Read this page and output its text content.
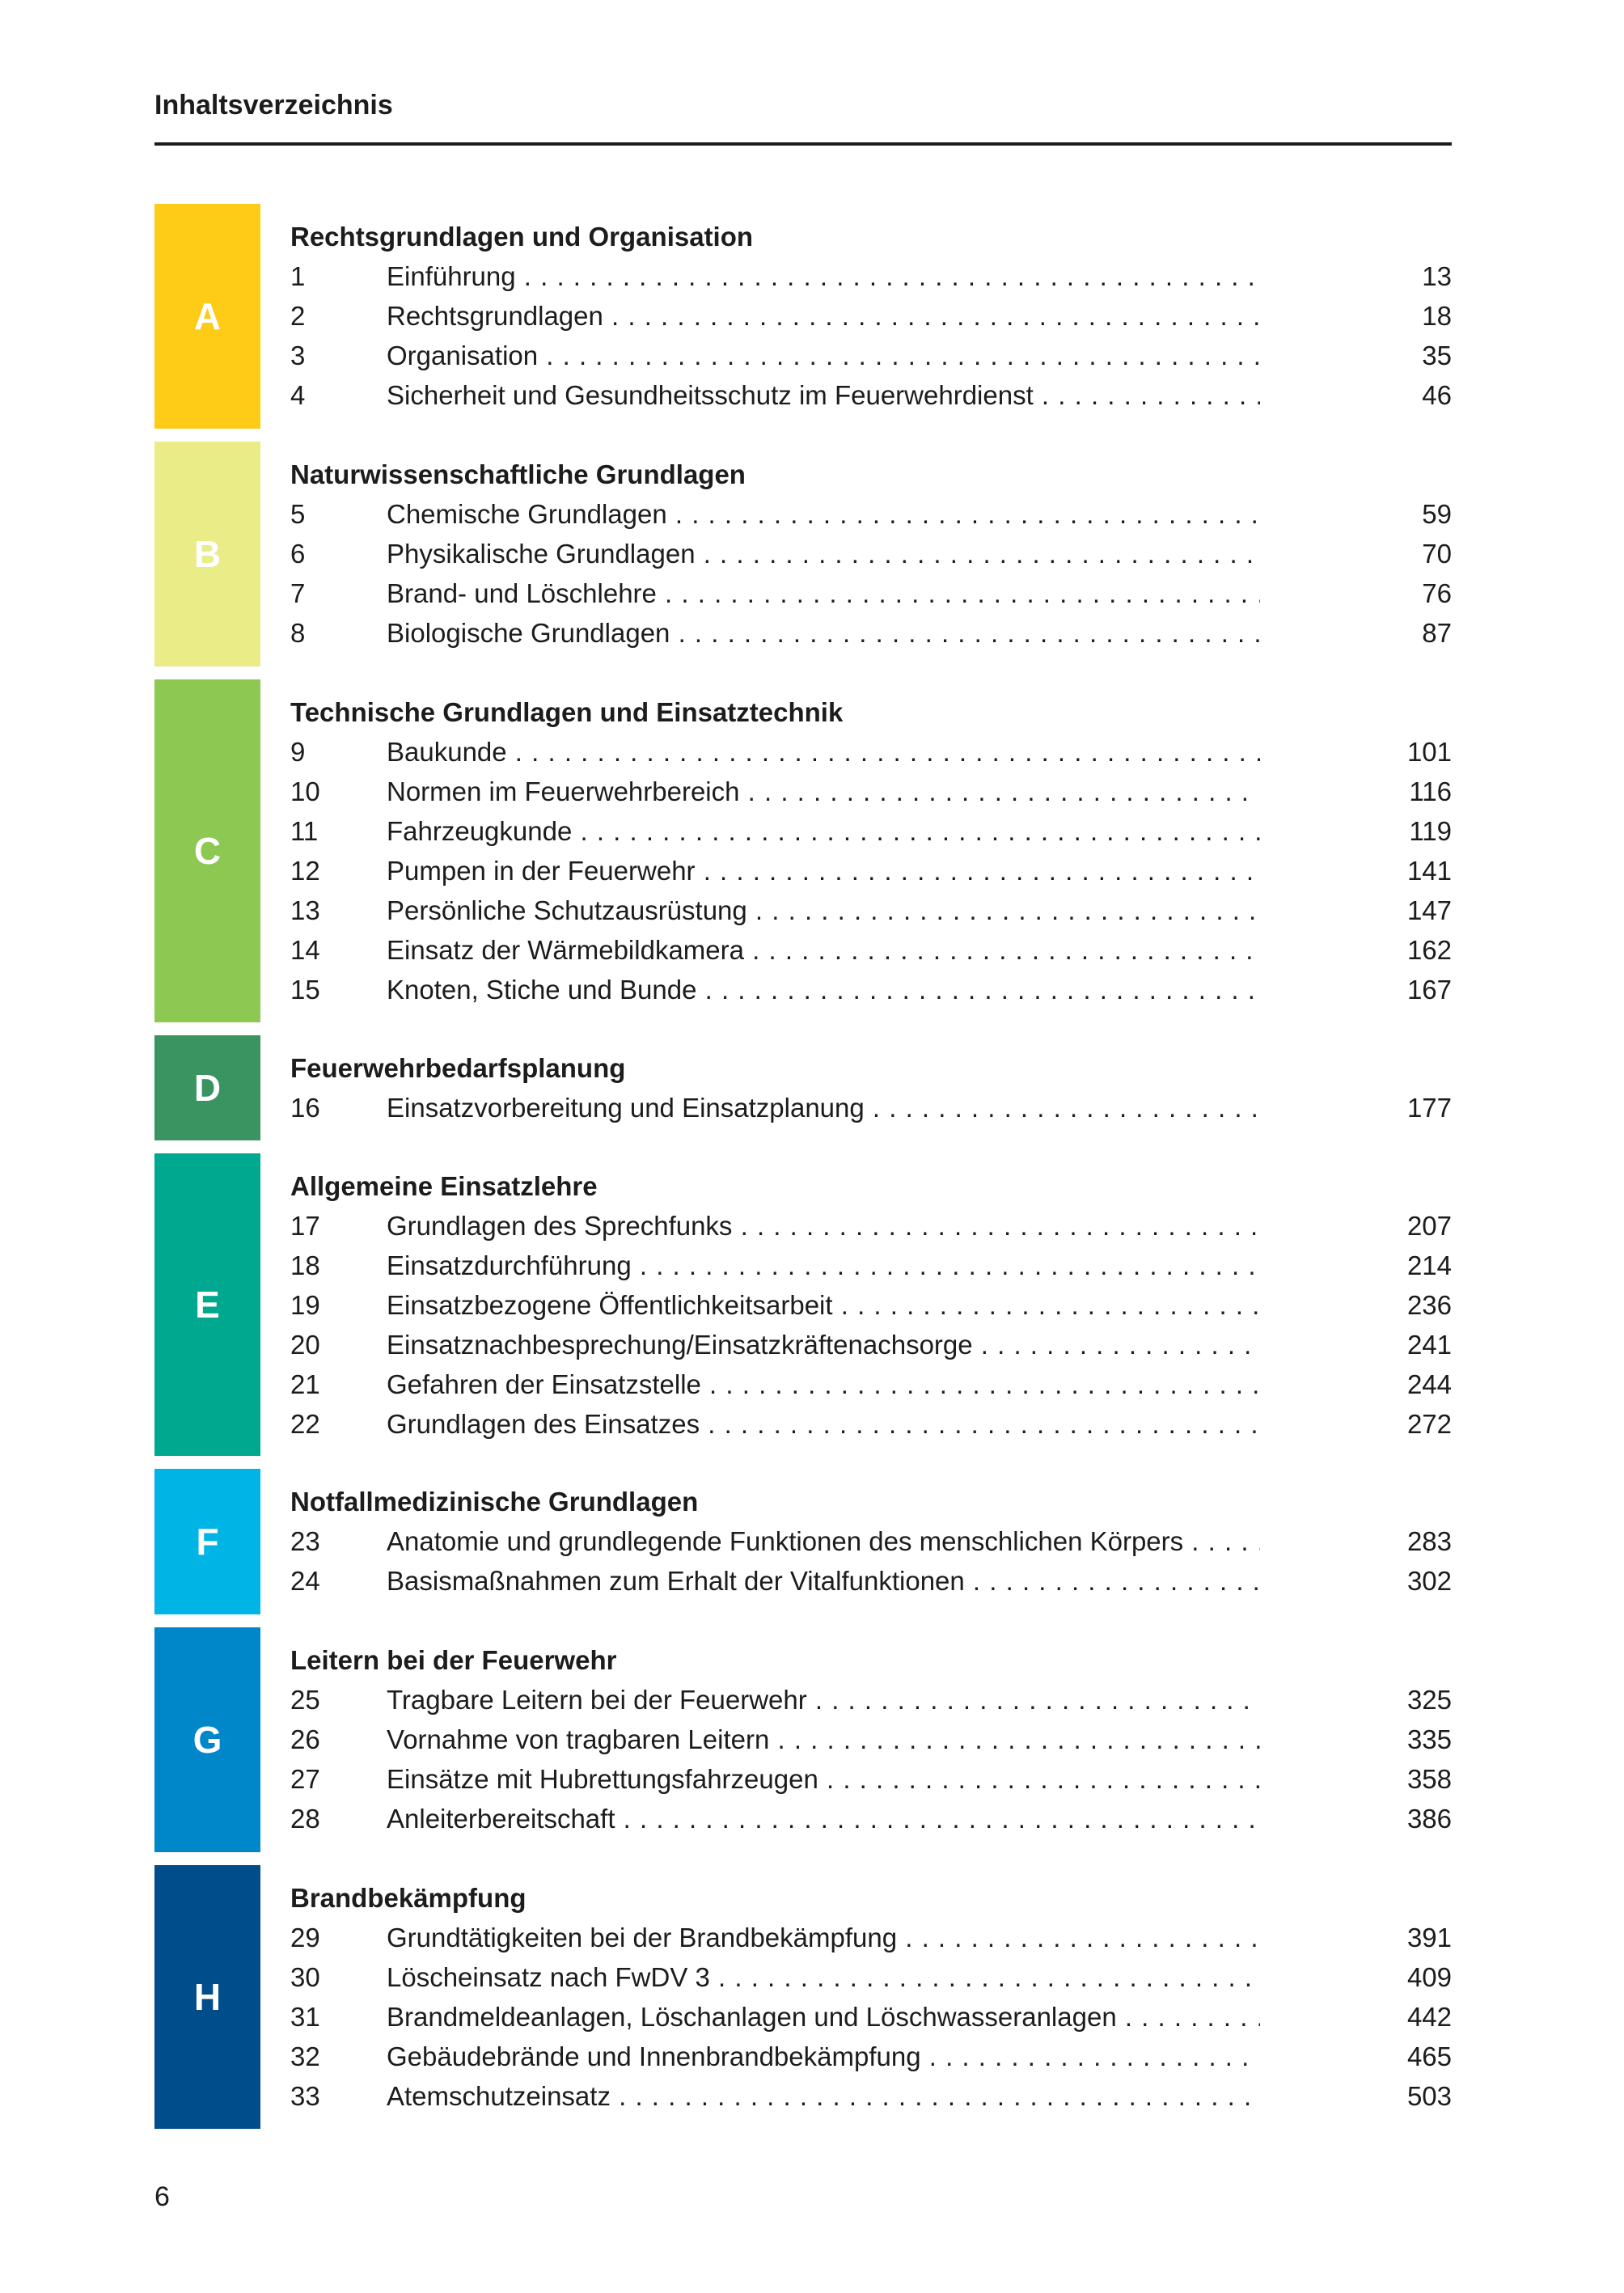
Inhaltsverzeichnis
A
Rechtsgrundlagen und Organisation
1	Einführung . . .	13
2	Rechtsgrundlagen . . .	18
3	Organisation . . .	35
4	Sicherheit und Gesundheitsschutz im Feuerwehrdienst . . .	46
B
Naturwissenschaftliche Grundlagen
5	Chemische Grundlagen . . .	59
6	Physikalische Grundlagen . . .	70
7	Brand- und Löschlehre . . .	76
8	Biologische Grundlagen . . .	87
C
Technische Grundlagen und Einsatztechnik
9	Baukunde . . .	101
10 Normen im Feuerwehrbereich . . .	116
11	Fahrzeugkunde . . .	119
12 Pumpen in der Feuerwehr . . .	141
13 Persönliche Schutzausrüstung . . .	147
14 Einsatz der Wärmebildkamera . . .	162
15 Knoten, Stiche und Bunde . . .	167
D	Feuerwehrbedarfsplanung
16 Einsatzvorbereitung und Einsatzplanung . . .	177
E
Allgemeine Einsatzlehre
17 Grundlagen des Sprechfunks . . .	207
18 Einsatzdurchführung . . .	214
19 Einsatzbezogene Öffentlichkeitsarbeit . . .	236
20 Einsatznachbesprechung/Einsatzkräftenachsorge . . .	241
21 Gefahren der Einsatzstelle . . .	244
22 Grundlagen des Einsatzes . . .	272
F
Notfallmedizinische Grundlagen
23 Anatomie und grundlegende Funktionen des menschlichen Körpers . . .	283
24 Basismaßnahmen zum Erhalt der Vitalfunktionen . . .	302
G
Leitern bei der Feuerwehr
25 Tragbare Leitern bei der Feuerwehr . . .	325
26 Vornahme von tragbaren Leitern . . .	335
27 Einsätze mit Hubrettungsfahrzeugen . . .	358
28 Anleiterbereitschaft . . .	386
H
Brandbekämpfung
29 Grundtätigkeiten bei der Brandbekämpfung . . .	391
30 Löscheinsatz nach FwDV 3 . . .	409
31 Brandmeldeanlagen, Löschanlagen und Löschwasseranlagen . . .	442
32 Gebäudebrände und Innenbrandbekämpfung . . .	465
33 Atemschutzeinsatz . . .	503
6
